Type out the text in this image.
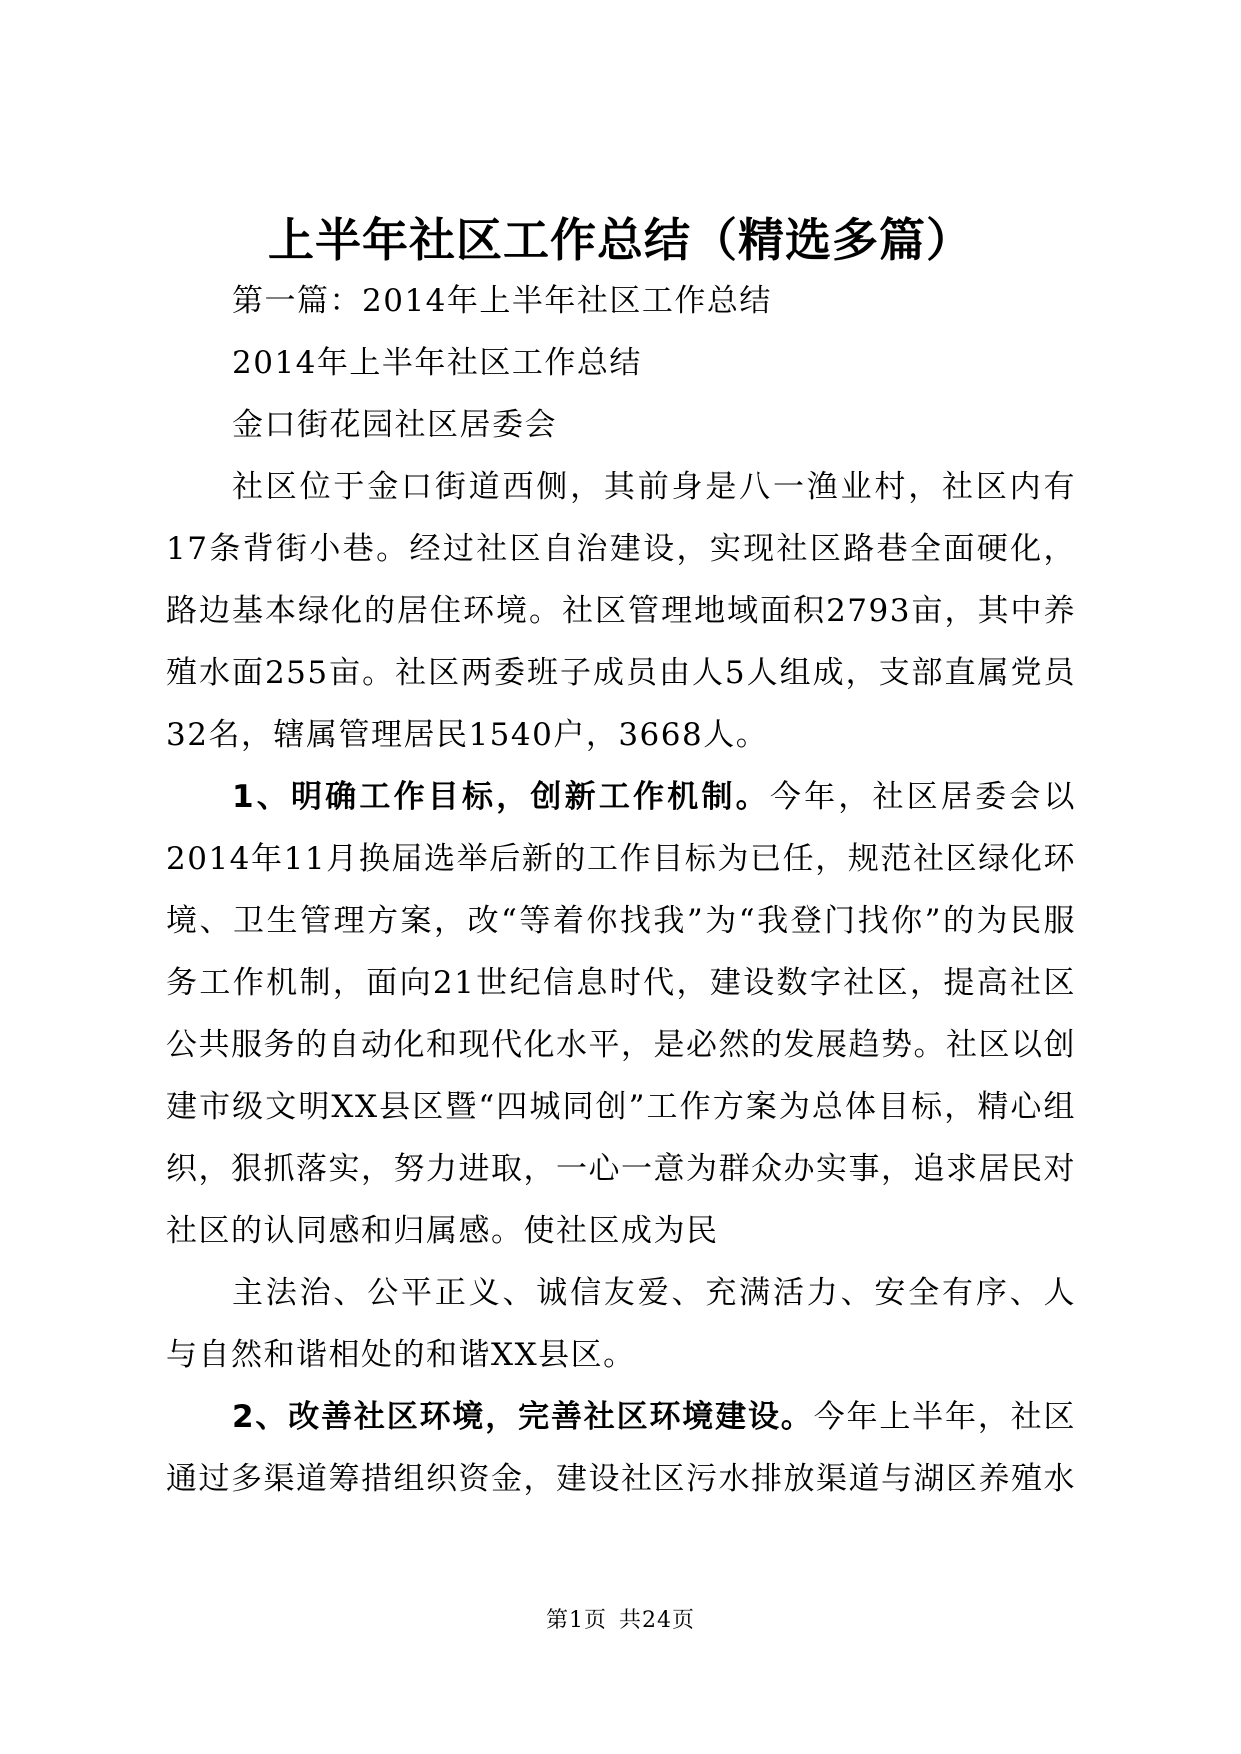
上半年社区工作总结（精选多篇）

第一篇：2014年上半年社区工作总结

2014年上半年社区工作总结

金口街花园社区居委会

社区位于金口街道西侧，其前身是八一渔业村，社区内有17条背街小巷。经过社区自治建设，实现社区路巷全面硬化，路边基本绿化的居住环境。社区管理地域面积2793亩，其中养殖水面255亩。社区两委班子成员由人5人组成，支部直属党员32名，辖属管理居民1540户，3668人。

1、明确工作目标，创新工作机制。今年，社区居委会以2014年11月换届选举后新的工作目标为已任，规范社区绿化环境、卫生管理方案，改“等着你找我”为“我登门找你”的为民服务工作机制，面向21世纪信息时代，建设数字社区，提高社区公共服务的自动化和现代化水平，是必然的发展趋势。社区以创建市级文明XX县区暨“四城同创”工作方案为总体目标，精心组织，狠抓落实，努力进取，一心一意为群众办实事，追求居民对社区的认同感和归属感。使社区成为民

主法治、公平正义、诚信友爱、充满活力、安全有序、人与自然和谐相处的和谐XX县区。

2、改善社区环境，完善社区环境建设。今年上半年，社区通过多渠道筹措组织资金，建设社区污水排放渠道与湖区养殖水

第1页 共24页
